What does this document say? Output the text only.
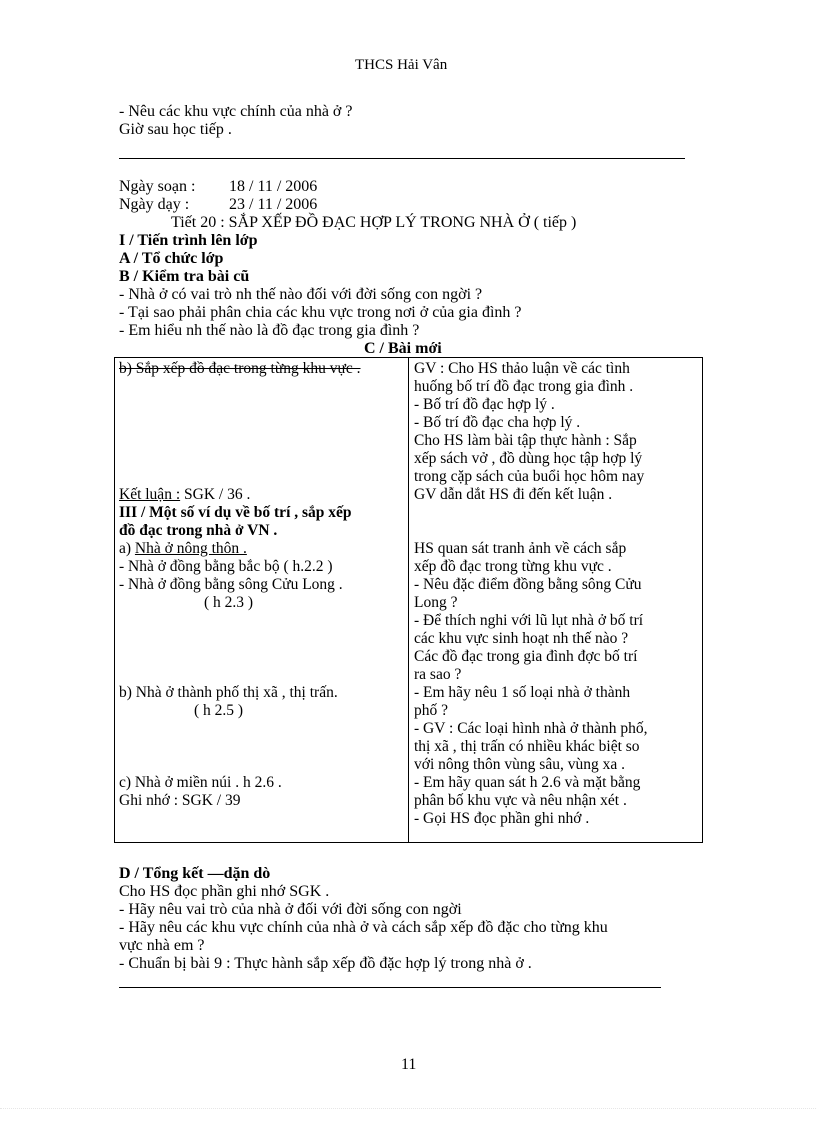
THCS Hải Vân
- Nêu các khu vực chính của nhà ở ?
Giờ sau học tiếp .
Ngày soạn : 18 / 11 / 2006
Ngày dạy : 23 / 11 / 2006
Tiết 20 : SẮP XẾP ĐỒ ĐẠC HỢP LÝ TRONG NHÀ Ở ( tiếp )
I / Tiến trình lên lớp
A / Tổ chức lớp
B / Kiểm tra bài cũ
- Nhà ở có vai trò nh thế nào đối với đời sống con ngời ?
- Tại sao phải phân chia các khu vực trong nơi ở của gia đình ?
- Em hiểu nh thế nào là đồ đạc trong gia đình ?
C / Bài mới
b) Sắp xếp đồ đạc trong từng khu vực .
Kết luận : SGK / 36 .
III / Một số ví dụ về bố trí , sắp xếp
đồ đạc trong nhà ở VN .
a) Nhà ở nông thôn .
- Nhà ở đồng bằng bắc bộ ( h.2.2 )
- Nhà ở đồng bằng sông Cửu Long .
( h 2.3 )
b) Nhà ở thành phố thị xã , thị trấn.
( h 2.5 )
c) Nhà ở miền núi . h 2.6 .
Ghi nhớ : SGK / 39
GV : Cho HS thảo luận về các tình
huống bố trí đồ đạc trong gia đình .
- Bố trí đồ đạc hợp lý .
- Bố trí đồ đạc cha hợp lý .
Cho HS làm bài tập thực hành : Sắp
xếp sách vở , đồ dùng học tập hợp lý
trong cặp sách của buổi học hôm nay
GV dẫn dắt HS đi đến kết luận .
HS quan sát tranh ảnh về cách sắp
xếp đồ đạc trong từng khu vực .
- Nêu đặc điểm đồng bằng sông Cửu
Long ?
- Để thích nghi với lũ lụt nhà ở bố trí
các khu vực sinh hoạt nh thế nào ?
Các đồ đạc trong gia đình đợc bố trí
ra sao ?
- Em hãy nêu 1 số loại nhà ở thành
phố ?
- GV : Các loại hình nhà ở thành phố,
thị xã , thị trấn có nhiều khác biệt so
với nông thôn vùng sâu, vùng xa .
- Em hãy quan sát h 2.6 và mặt bằng
phân bố khu vực và nêu nhận xét .
- Gọi HS đọc phần ghi nhớ .
D / Tổng kết —dặn dò
Cho HS đọc phần ghi nhớ SGK .
- Hãy nêu vai trò của nhà ở đối với đời sống con ngời
- Hãy nêu các khu vực chính của nhà ở và cách sắp xếp đồ đặc cho từng khu
vực nhà em ?
- Chuẩn bị bài 9 : Thực hành sắp xếp đồ đặc hợp lý trong nhà ở .
11
